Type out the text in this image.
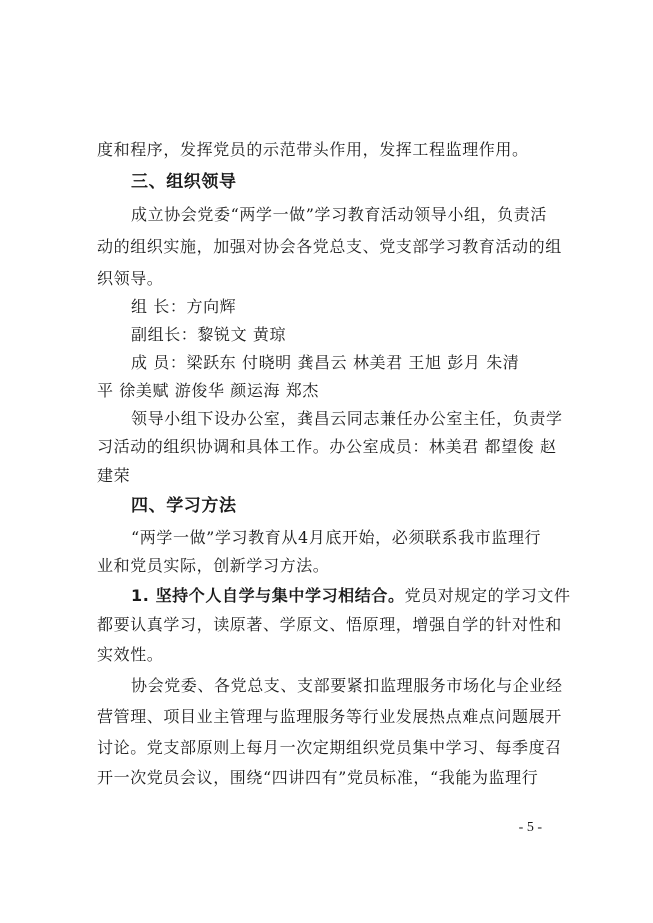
度和程序，发挥党员的示范带头作用，发挥工程监理作用。
三、组织领导
成立协会党委“两学一做”学习教育活动领导小组，负责活
动的组织实施，加强对协会各党总支、党支部学习教育活动的组
织领导。
组 长：方向辉
副组长：黎锐文 黄琼
成 员：梁跃东 付晓明 龚昌云 林美君 王旭 彭月 朱清
平 徐美赋 游俊华 颜运海 郑杰
领导小组下设办公室，龚昌云同志兼任办公室主任，负责学
习活动的组织协调和具体工作。办公室成员：林美君 都望俊 赵
建荣
四、学习方法
“两学一做”学习教育从4月底开始，必须联系我市监理行
业和党员实际，创新学习方法。
1. 坚持个人自学与集中学习相结合。党员对规定的学习文件
都要认真学习，读原著、学原文、悟原理，增强自学的针对性和
实效性。
协会党委、各党总支、支部要紧扣监理服务市场化与企业经
营管理、项目业主管理与监理服务等行业发展热点难点问题展开
讨论。党支部原则上每月一次定期组织党员集中学习、每季度召
开一次党员会议，围绕“四讲四有”党员标准，“我能为监理行
- 5 -
